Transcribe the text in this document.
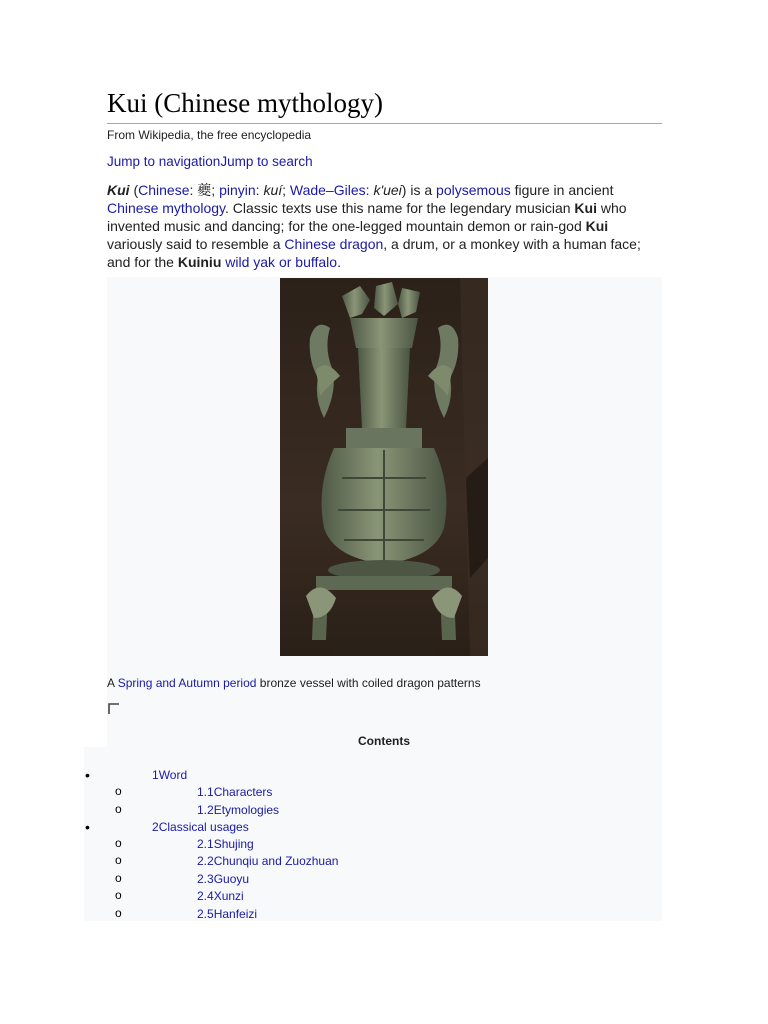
Kui (Chinese mythology)
From Wikipedia, the free encyclopedia
Jump to navigationJump to search

Kui (Chinese: 夔; pinyin: kuí; Wade–Giles: k'uei) is a polysemous figure in ancient Chinese mythology. Classic texts use this name for the legendary musician Kui who invented music and dancing; for the one-legged mountain demon or rain-god Kui variously said to resemble a Chinese dragon, a drum, or a monkey with a human face; and for the Kuiniu wild yak or buffalo.

A Spring and Autumn period bronze vessel with coiled dragon patterns
Contents
•	1Word
o	1.1Characters
o	1.2Etymologies
•	2Classical usages
o	2.1Shujing
o	2.2Chunqiu and Zuozhuan
o	2.3Guoyu
o	2.4Xunzi
o	2.5Hanfeizi
